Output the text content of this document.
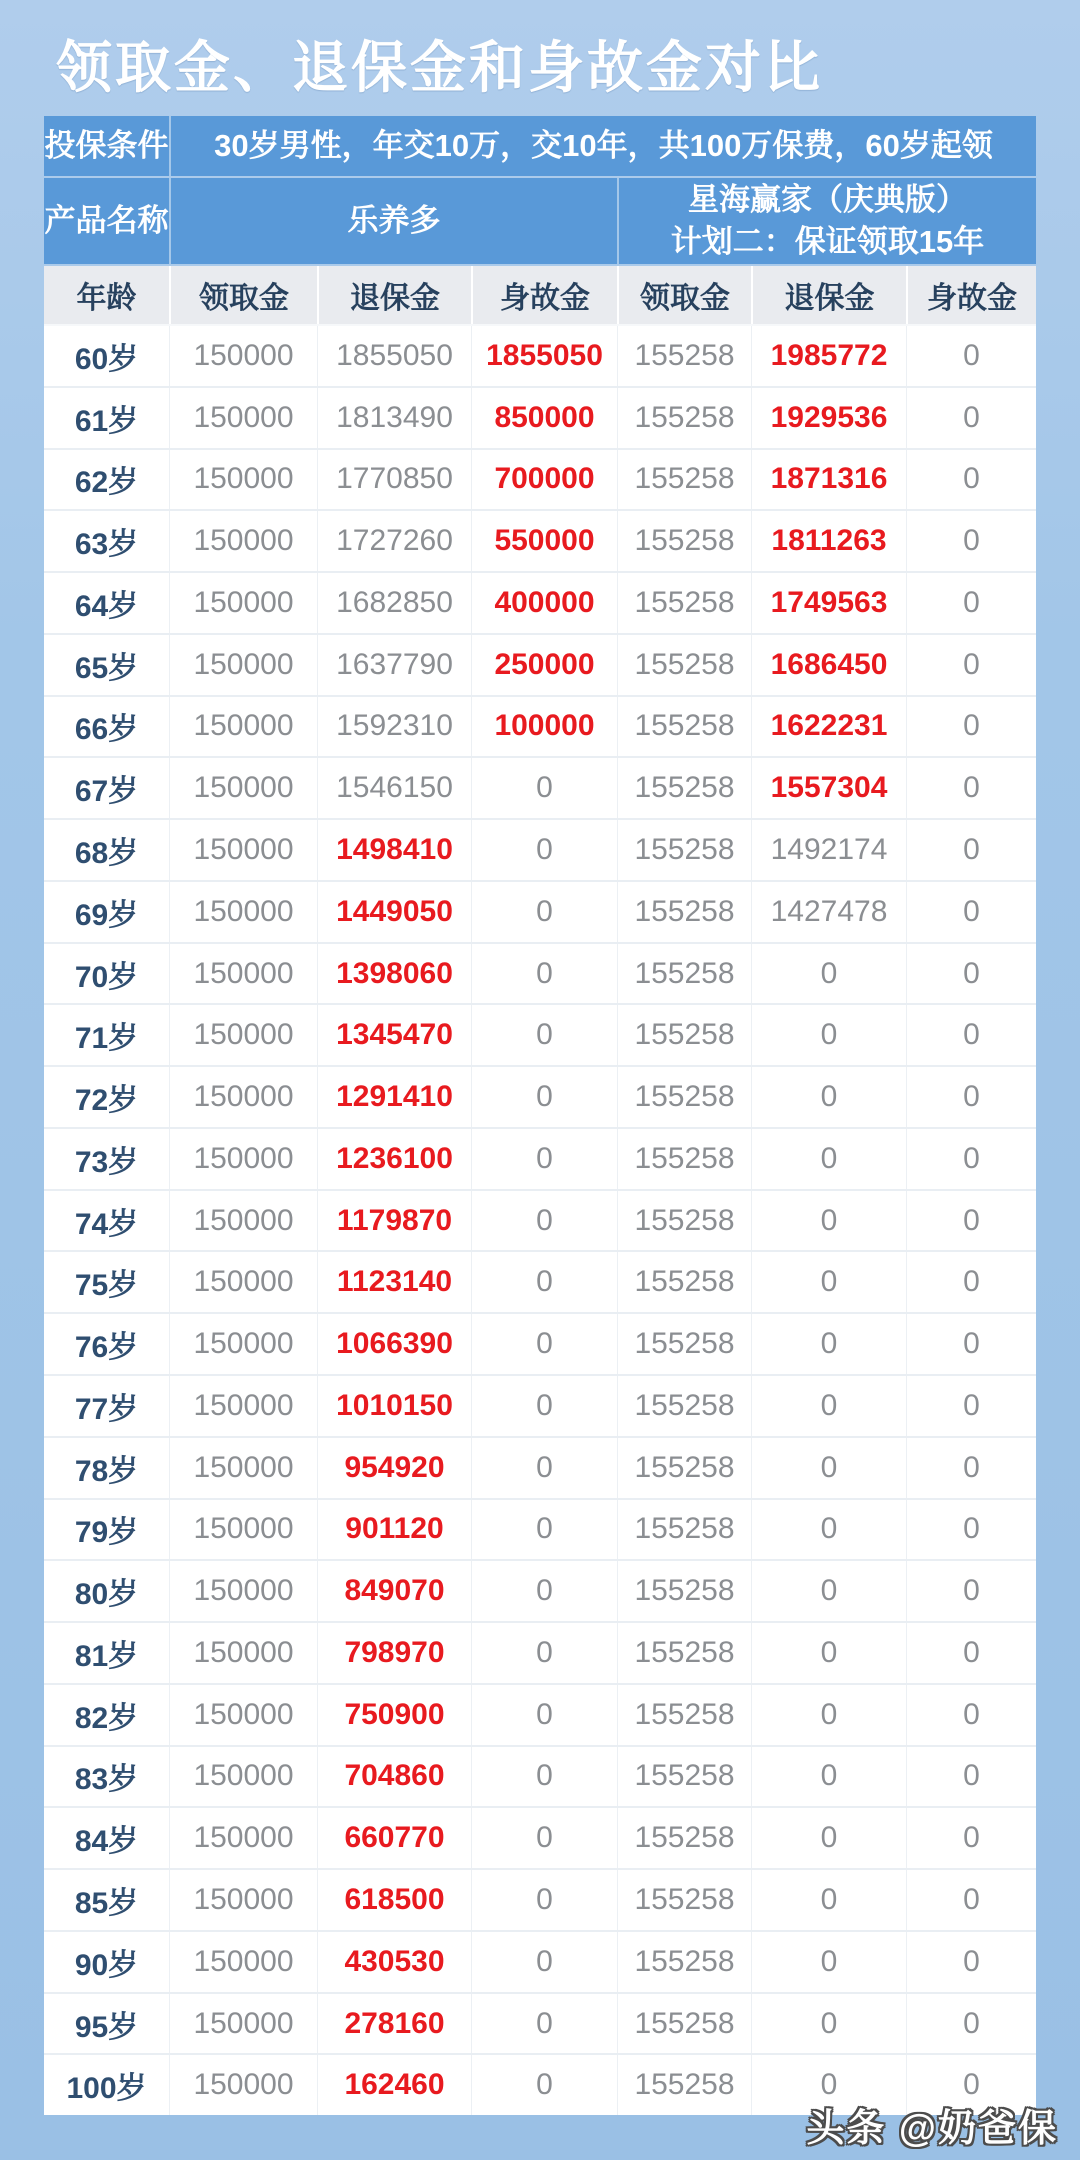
领取金、退保金和身故金对比
投保条件	30岁男性，年交10万，交10年，共100万保费，60岁起领
产品名称	乐养多
星海赢家（庆典版）
计划二：保证领取15年
年龄	领取金	退保金	身故金	领取金	退保金	身故金
60岁	150000	1855050	1855050	155258	1985772	0
61岁	150000	1813490	850000	155258	1929536	0
62岁	150000	1770850	700000	155258	1871316	0
63岁	150000	1727260	550000	155258	1811263	0
64岁	150000	1682850	400000	155258	1749563	0
65岁	150000	1637790	250000	155258	1686450	0
66岁	150000	1592310	100000	155258	1622231	0
67岁	150000	1546150	0	155258	1557304	0
68岁	150000	1498410	0	155258	1492174	0
69岁	150000	1449050	0	155258	1427478	0
70岁	150000	1398060	0	155258	0	0
71岁	150000	1345470	0	155258	0	0
72岁	150000	1291410	0	155258	0	0
73岁	150000	1236100	0	155258	0	0
74岁	150000	1179870	0	155258	0	0
75岁	150000	1123140	0	155258	0	0
76岁	150000	1066390	0	155258	0	0
77岁	150000	1010150	0	155258	0	0
78岁	150000	954920	0	155258	0	0
79岁	150000	901120	0	155258	0	0
80岁	150000	849070	0	155258	0	0
81岁	150000	798970	0	155258	0	0
82岁	150000	750900	0	155258	0	0
83岁	150000	704860	0	155258	0	0
84岁	150000	660770	0	155258	0	0
85岁	150000	618500	0	155258	0	0
90岁	150000	430530	0	155258	0	0
95岁	150000	278160	0	155258	0	0
100岁	150000	162460	0	155258	0	0
头条 @奶爸保
